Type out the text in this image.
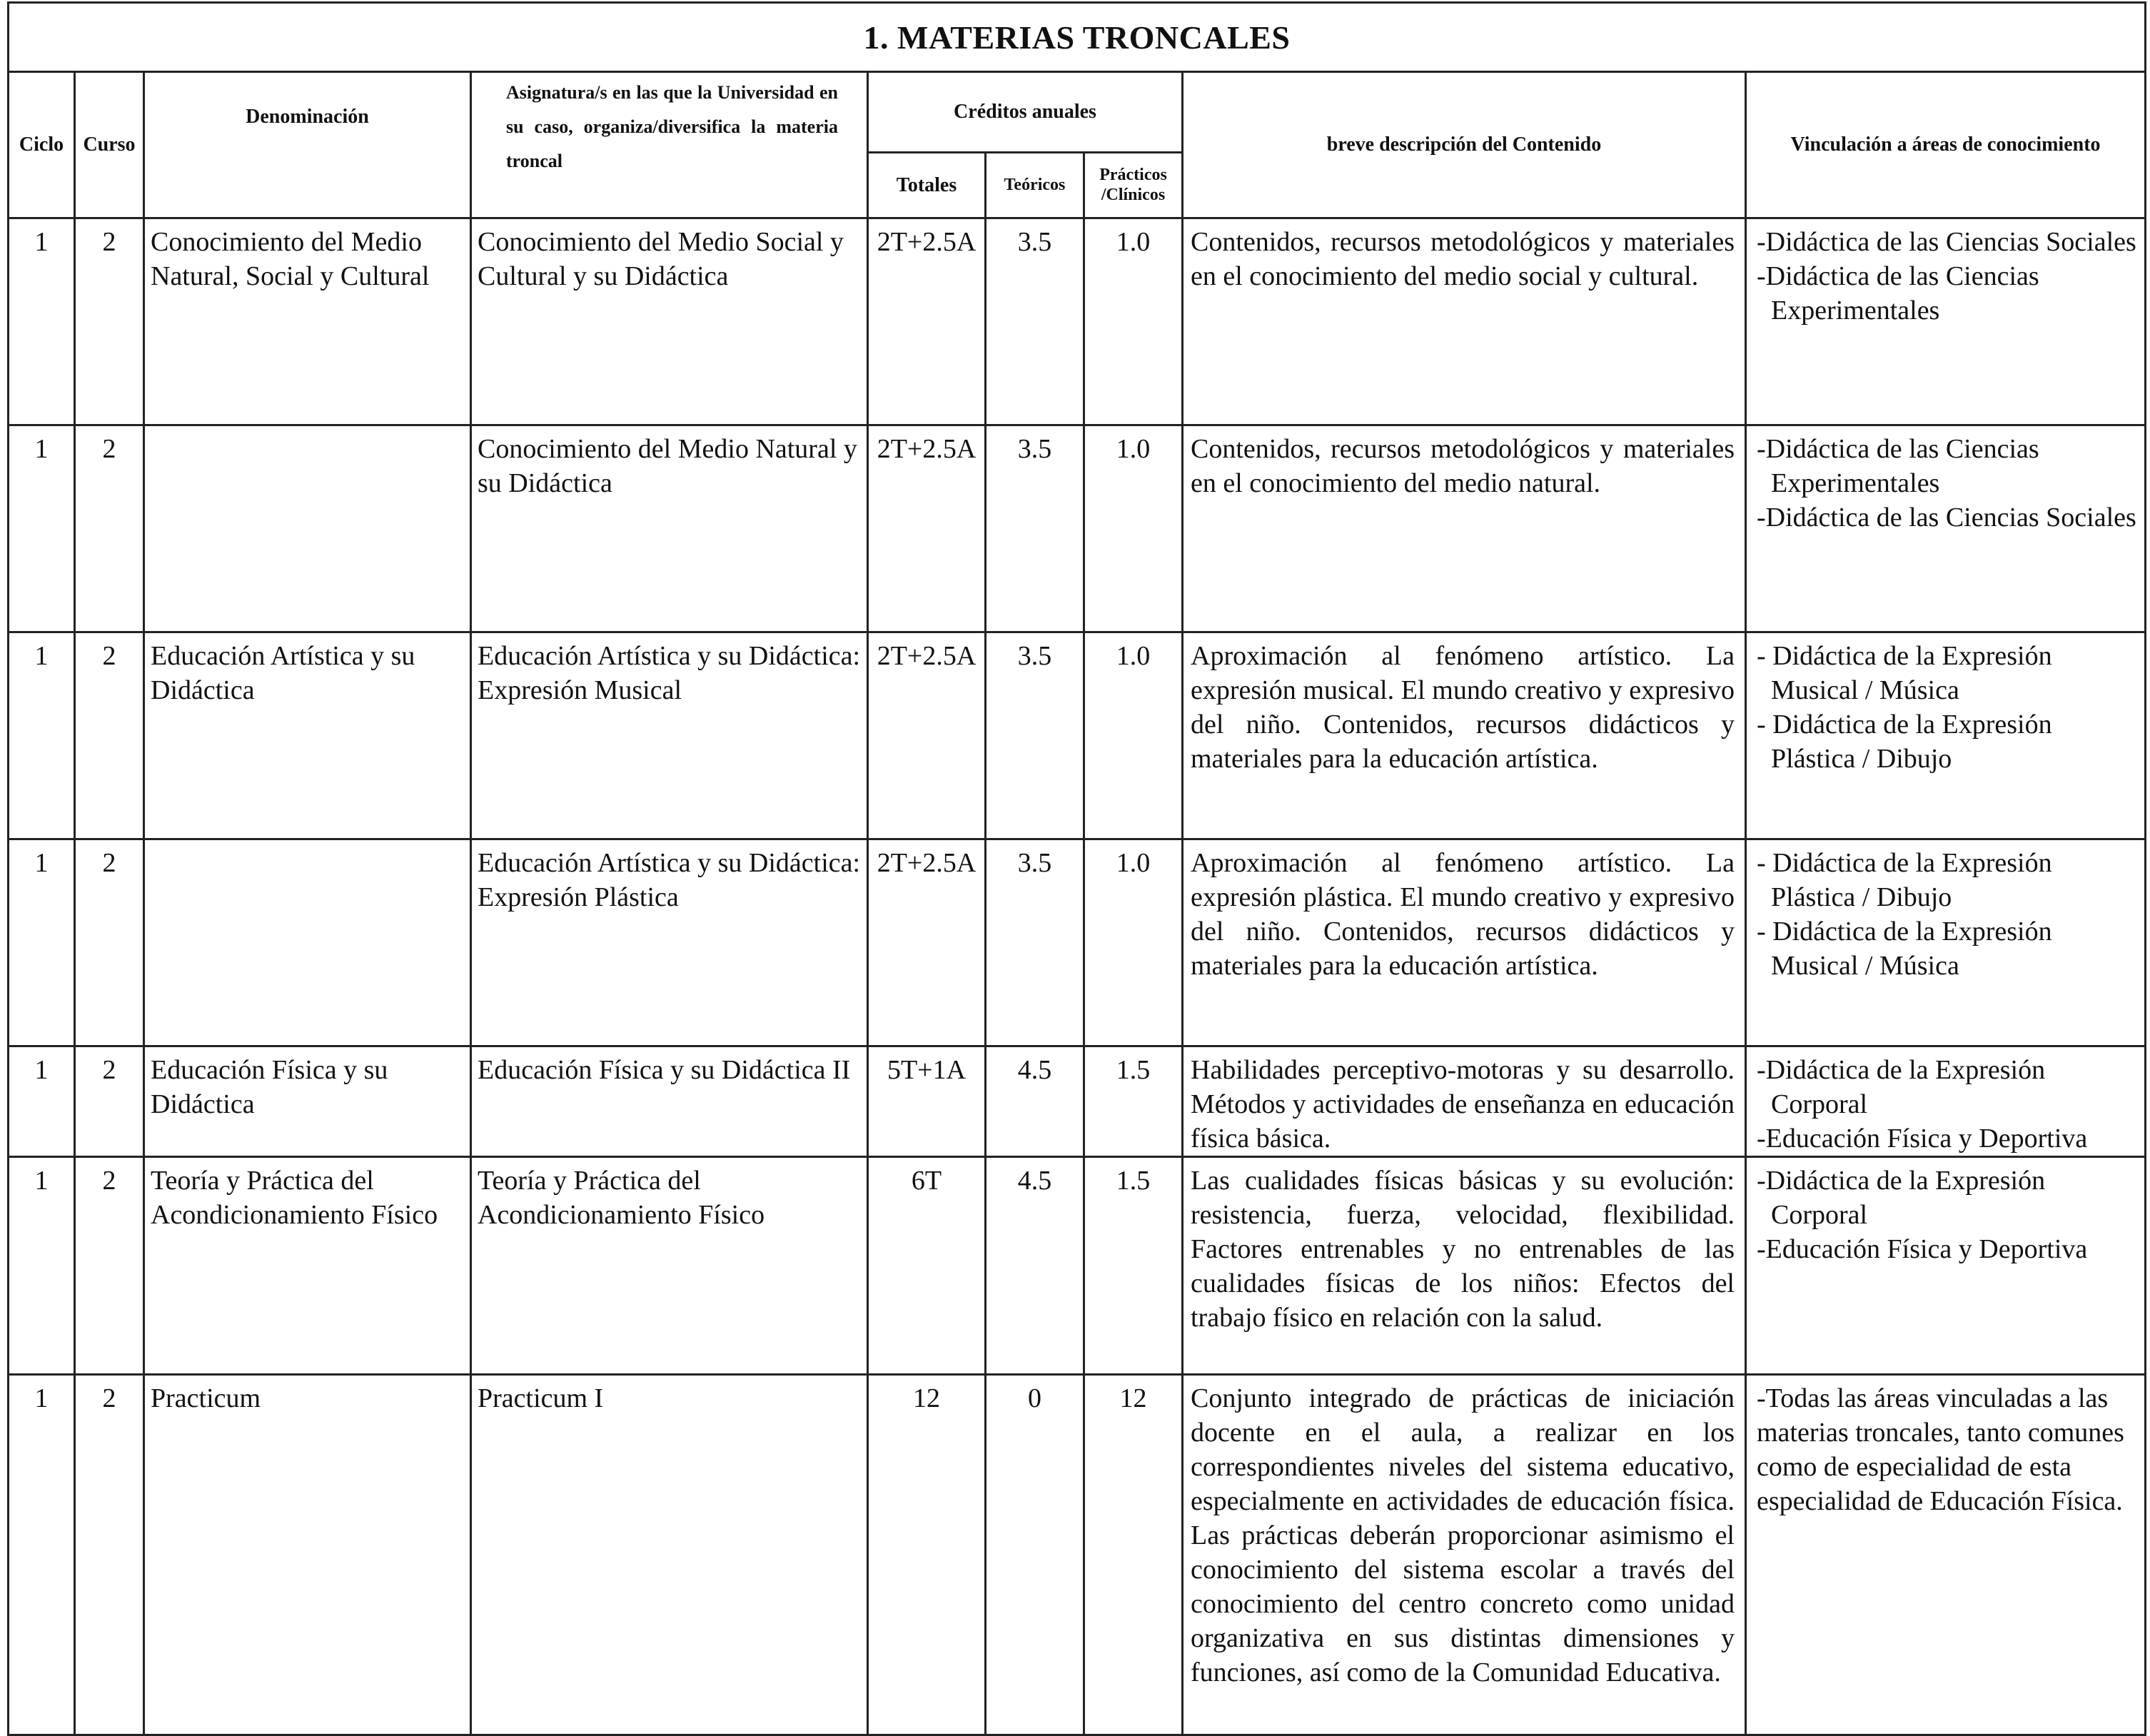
1. MATERIAS TRONCALES								
Ciclo	Curso	Denominación	Asignatura/s en las que la Universidad en su caso, organiza/diversifica la materia troncal	Créditos anuales			breve descripción del Contenido	Vinculación a áreas de conocimiento
				Totales	Teóricos	Prácticos /Clínicos		
1	2	Conocimiento del Medio Natural, Social y Cultural	Conocimiento del Medio Social y Cultural y su Didáctica	2T+2.5A	3.5	1.0	Contenidos, recursos metodológicos y materiales en el conocimiento del medio social y cultural.	-Didáctica de las Ciencias Sociales
-Didáctica de las Ciencias Experimentales

1	2		Conocimiento del Medio Natural y su Didáctica	2T+2.5A	3.5	1.0	Contenidos, recursos metodológicos y materiales en el conocimiento del medio natural.	-Didáctica de las Ciencias Experimentales
-Didáctica de las Ciencias Sociales

1	2	Educación Artística y su Didáctica	Educación Artística y su Didáctica: Expresión Musical	2T+2.5A	3.5	1.0	Aproximación al fenómeno artístico. La expresión musical. El mundo creativo y expresivo del niño. Contenidos, recursos didácticos y materiales para la educación artística.	- Didáctica de la Expresión Musical / Música
- Didáctica de la Expresión Plástica / Dibujo

1	2		Educación Artística y su Didáctica: Expresión Plástica	2T+2.5A	3.5	1.0	Aproximación al fenómeno artístico. La expresión plástica. El mundo creativo y expresivo del niño. Contenidos, recursos didácticos y materiales para la educación artística.	- Didáctica de la Expresión Plástica / Dibujo
- Didáctica de la Expresión Musical / Música

1	2	Educación Física y su Didáctica	Educación Física y su Didáctica II	5T+1A	4.5	1.5	Habilidades perceptivo-motoras y su desarrollo. Métodos y actividades de enseñanza en educación física básica.	-Didáctica de la Expresión Corporal
-Educación Física y Deportiva

1	2	Teoría y Práctica del Acondicionamiento Físico	Teoría y Práctica del Acondicionamiento Físico	6T	4.5	1.5	Las cualidades físicas básicas y su evolución: resistencia, fuerza, velocidad, flexibilidad. Factores entrenables y no entrenables de las cualidades físicas de los niños: Efectos del trabajo físico en relación con la salud.	-Didáctica de la Expresión Corporal
-Educación Física y Deportiva

1	2	Practicum	Practicum I	12	0	12	Conjunto integrado de prácticas de iniciación docente en el aula, a realizar en los correspondientes niveles del sistema educativo, especialmente en actividades de educación física. Las prácticas deberán proporcionar asimismo el conocimiento del sistema escolar a través del conocimiento del centro concreto como unidad organizativa en sus distintas dimensiones y funciones, así como de la Comunidad Educativa.	-Todas las áreas vinculadas a las materias troncales, tanto comunes como de especialidad de esta especialidad de Educación Física.
